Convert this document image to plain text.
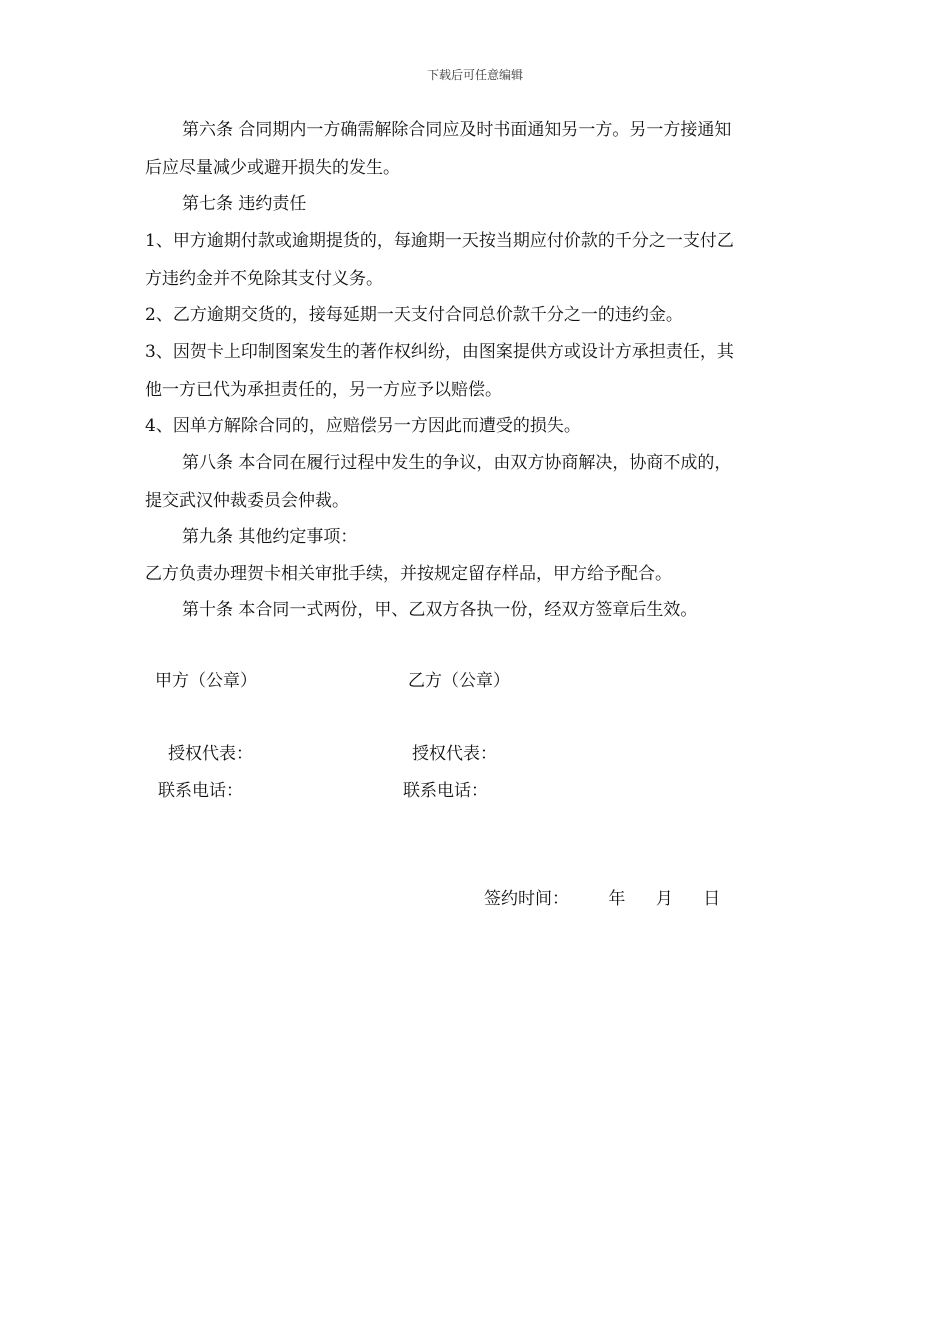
下载后可任意编辑
第六条 合同期内一方确需解除合同应及时书面通知另一方。另一方接通知
后应尽量减少或避开损失的发生。
第七条 违约责任
1、甲方逾期付款或逾期提货的，每逾期一天按当期应付价款的千分之一支付乙
方违约金并不免除其支付义务。
2、乙方逾期交货的，接每延期一天支付合同总价款千分之一的违约金。
3、因贺卡上印制图案发生的著作权纠纷，由图案提供方或设计方承担责任，其
他一方已代为承担责任的，另一方应予以赔偿。
4、因单方解除合同的，应赔偿另一方因此而遭受的损失。
第八条 本合同在履行过程中发生的争议，由双方协商解决，协商不成的，
提交武汉仲裁委员会仲裁。
第九条 其他约定事项：
乙方负责办理贺卡相关审批手续，并按规定留存样品，甲方给予配合。
第十条 本合同一式两份，甲、乙双方各执一份，经双方签章后生效。
甲方（公章）	乙方（公章）
授权代表：	授权代表：
联系电话：	联系电话：
签约时间： 年 月 日
